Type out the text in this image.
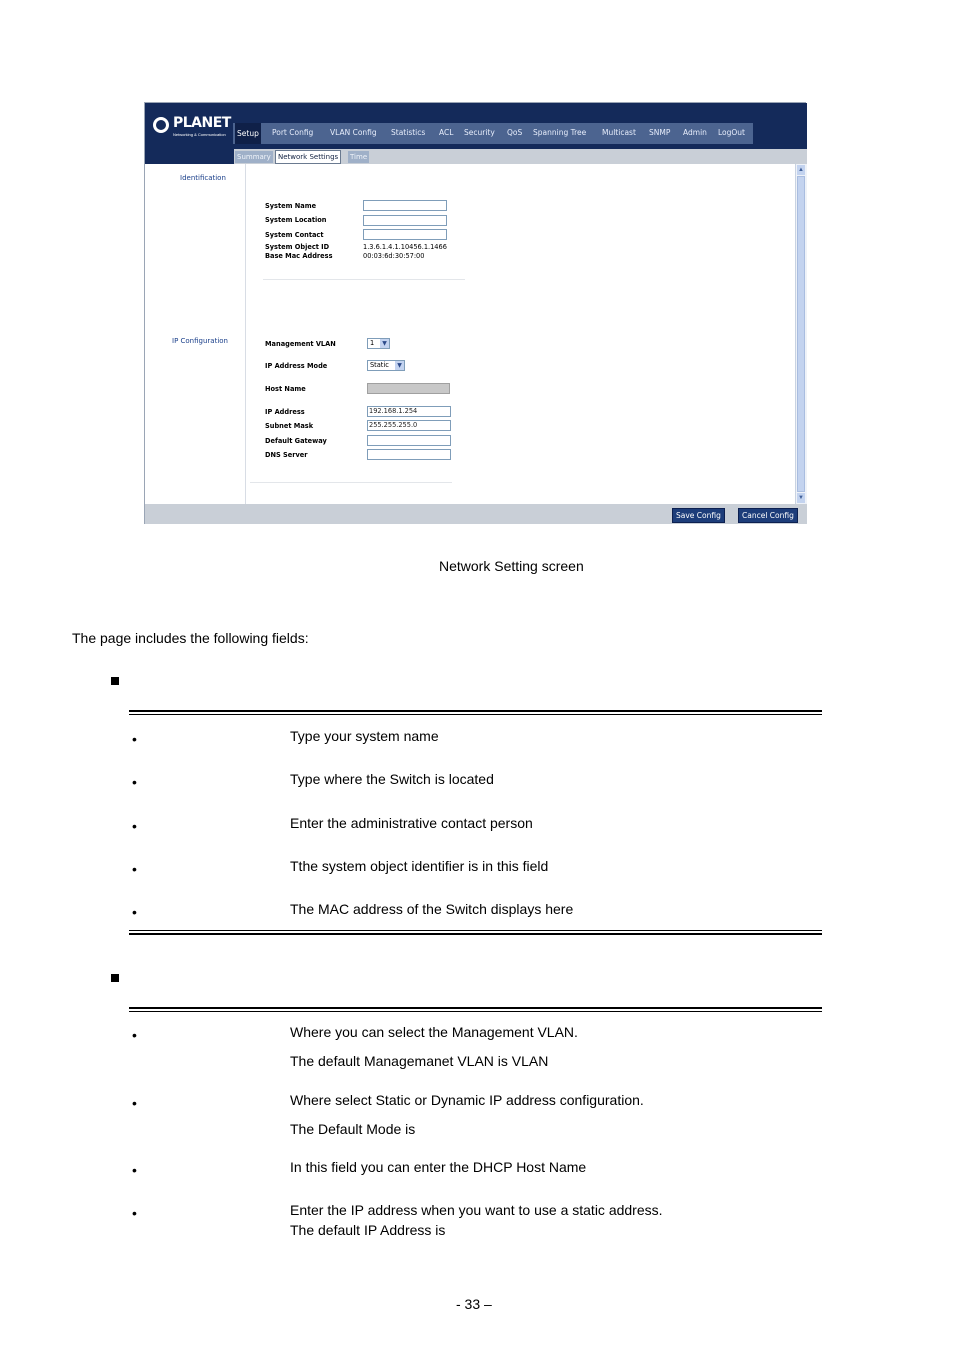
PLANET
Networking & Communication Setup Port Config VLAN Config Statistics ACL Security QoS Spanning Tree Multicast SNMP Admin LogOut
Summary	Network Settings	Time
Identification
System Name
System Location
System Contact
System Object ID	1.3.6.1.4.1.10456.1.1466
Base Mac Address	00:03:6d:30:57:00
IP Configuration	Management VLAN	1	▼
IP Address Mode	Static	▼
Host Name
IP Address	192.168.1.254
Subnet Mask	255.255.255.0
Default Gateway
DNS Server
▲
▼
Save Config	Cancel Config
Network Setting screen
The page includes the following fields:
•	Type your system name
•	Type where the Switch is located
•	Enter the administrative contact person
•	Tthe system object identifier is in this field
•	The MAC address of the Switch displays here
•	Where you can select the Management VLAN.
The default Managemanet VLAN is VLAN
•	Where select Static or Dynamic IP address configuration.
The Default Mode is
•	In this field you can enter the DHCP Host Name
•	Enter the IP address when you want to use a static address.
The default IP Address is
- 33 –
